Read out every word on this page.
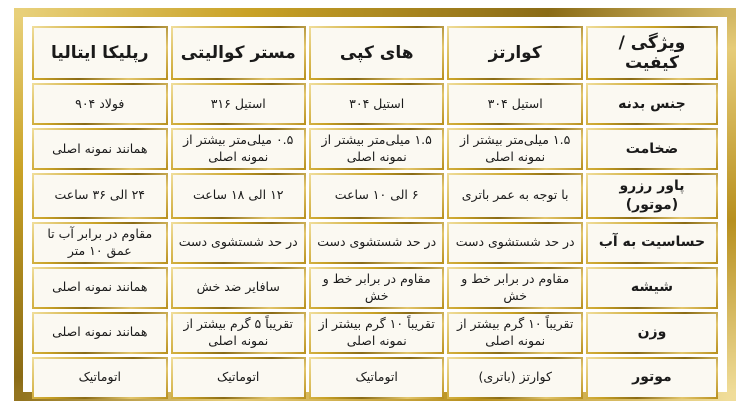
ویژگی / کیفیت	کوارتز	های کپی	مستر کوالیتی	رپلیکا ایتالیا
جنس بدنه	استیل ۳۰۴	استیل ۳۰۴	استیل ۳۱۶	فولاد ۹۰۴
ضخامت	۱.۵ میلی‌متر بیشتر از نمونه اصلی	۱.۵ میلی‌متر بیشتر از نمونه اصلی	۰.۵ میلی‌متر بیشتر از نمونه اصلی	همانند نمونه اصلی
پاور رزرو (موتور)	با توجه به عمر باتری	۶ الی ۱۰ ساعت	۱۲ الی ۱۸ ساعت	۲۴ الی ۳۶ ساعت
حساسیت به آب	در حد شستشوی دست	در حد شستشوی دست	در حد شستشوی دست	مقاوم در برابر آب تا عمق ۱۰ متر
شیشه	مقاوم در برابر خط و خش	مقاوم در برابر خط و خش	سافایر ضد خش	همانند نمونه اصلی
وزن	تقریباً ۱۰ گرم بیشتر از نمونه اصلی	تقریباً ۱۰ گرم بیشتر از نمونه اصلی	تقریباً ۵ گرم بیشتر از نمونه اصلی	همانند نمونه اصلی
موتور	کوارتز (باتری)	اتوماتیک	اتوماتیک	اتوماتیک
